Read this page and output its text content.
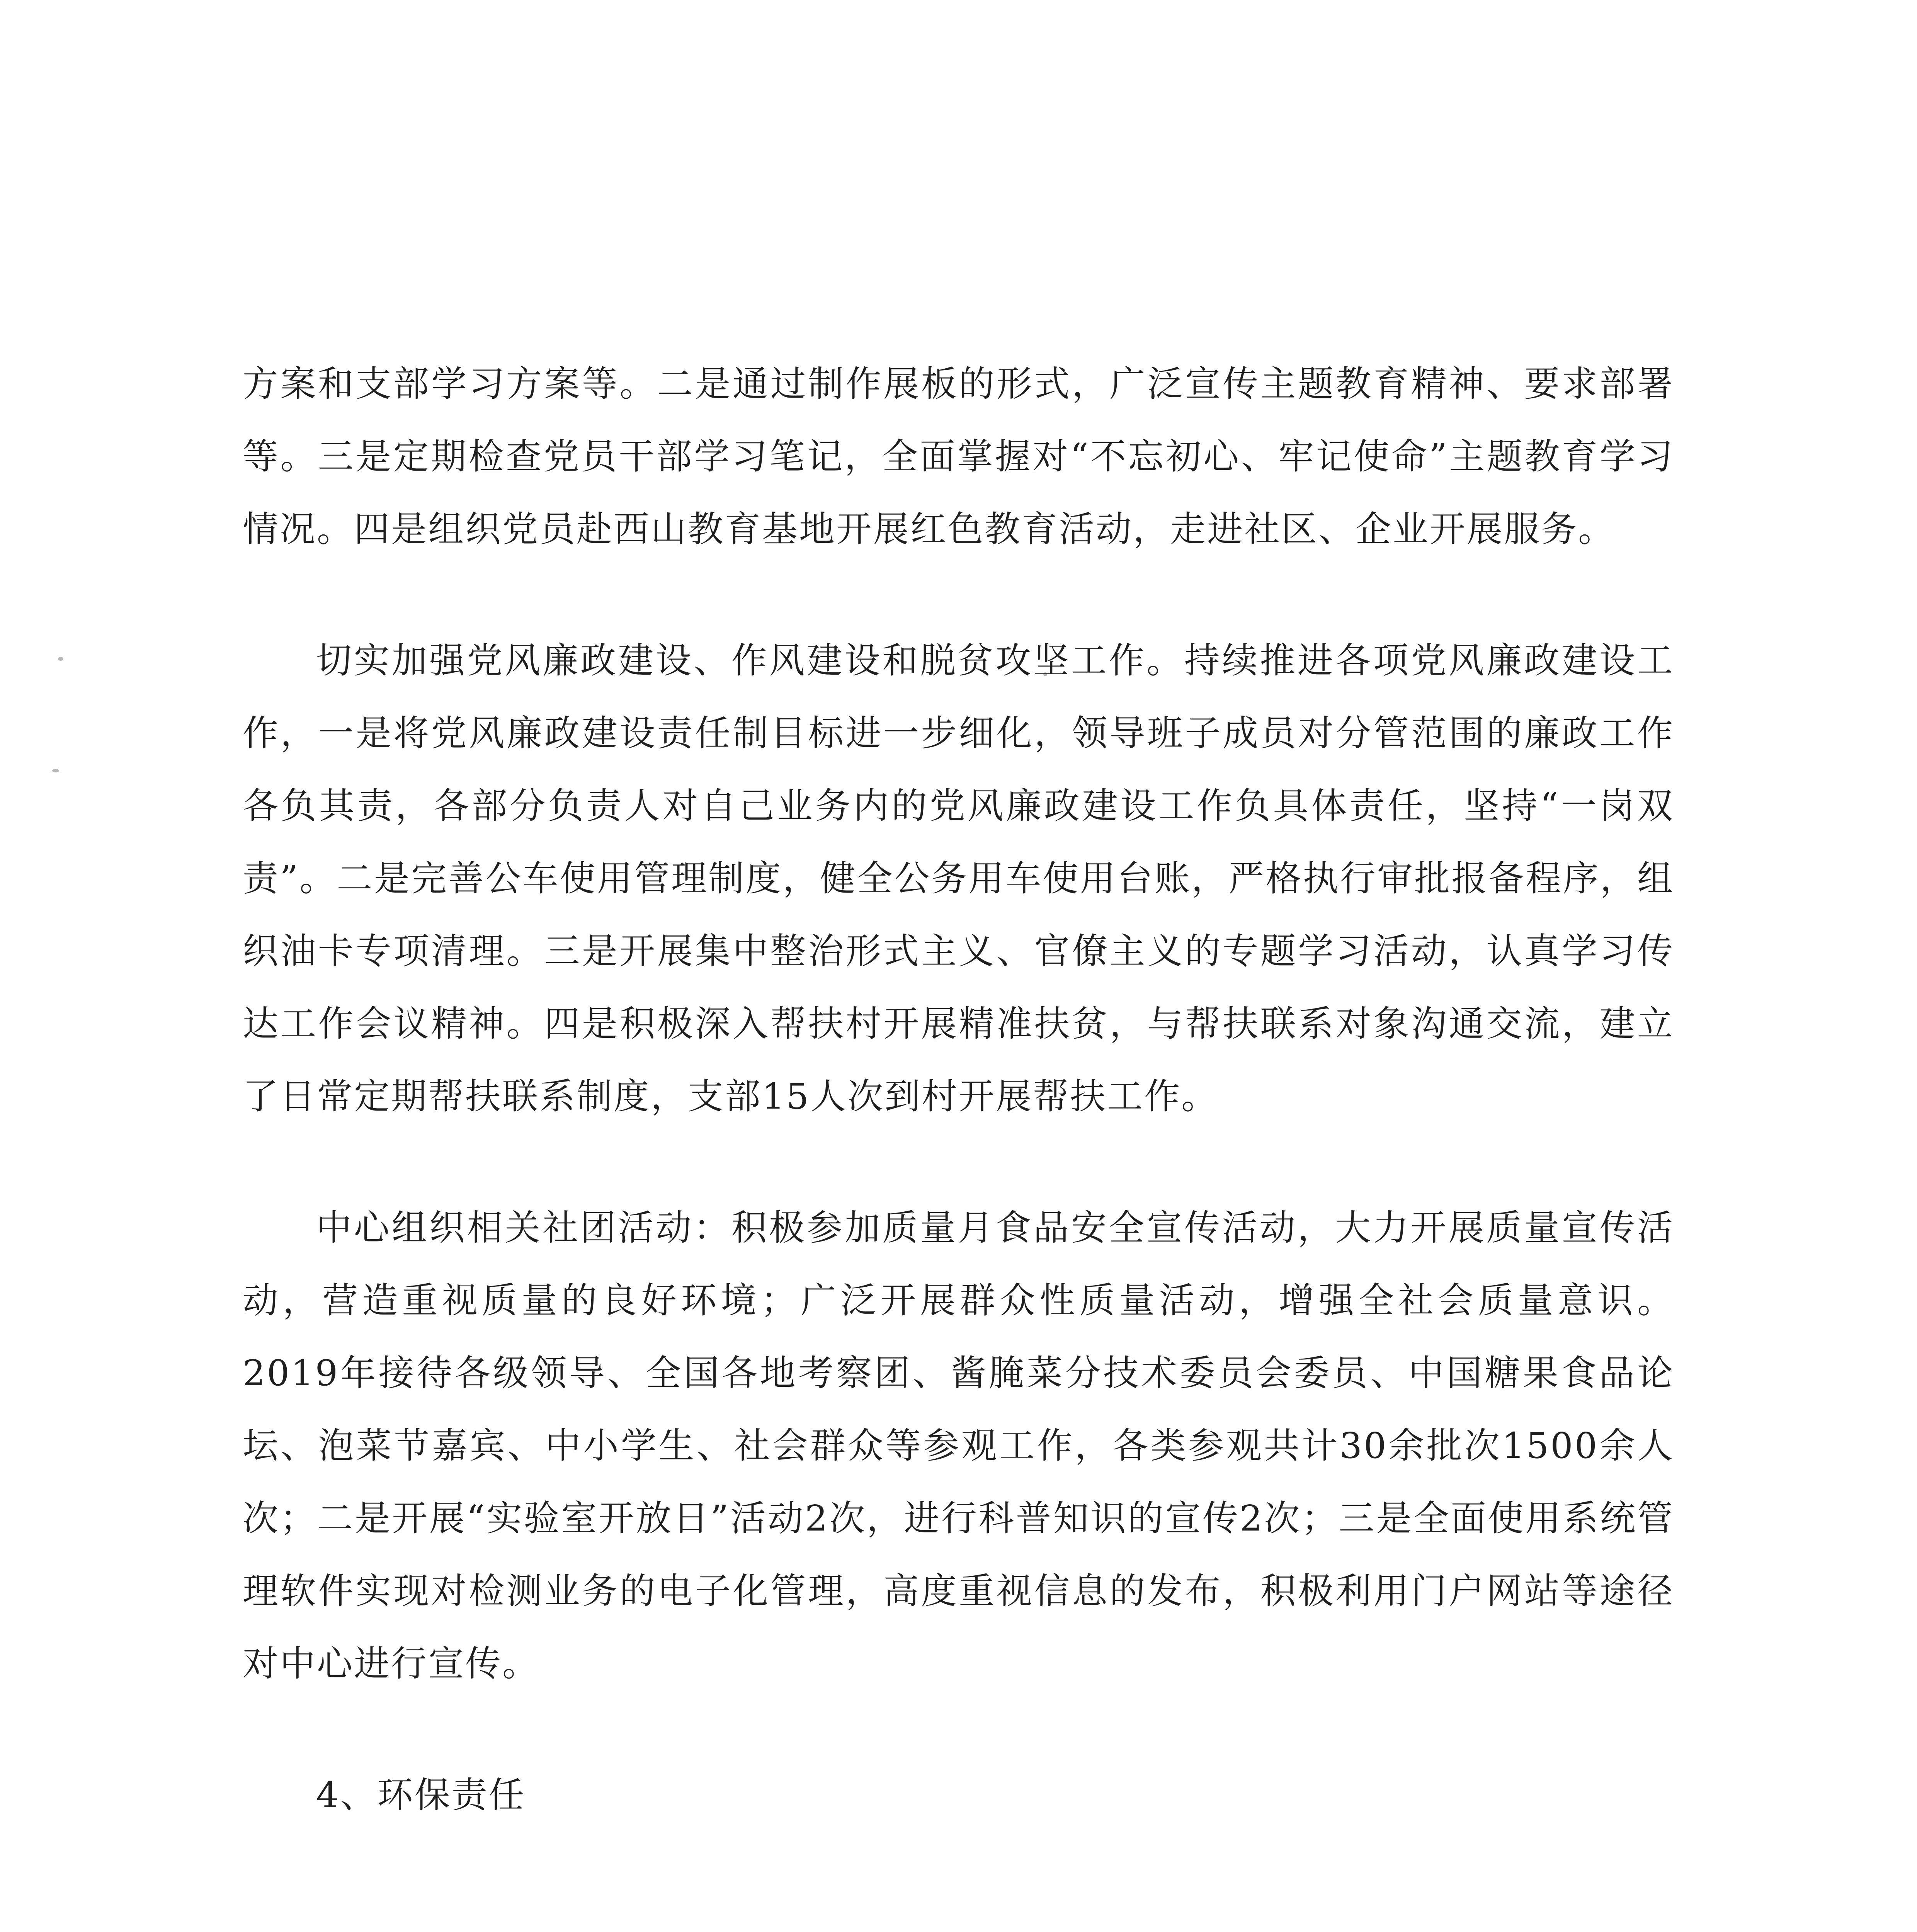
方案和支部学习方案等。二是通过制作展板的形式，广泛宣传主题教育精神、要求部署等。三是定期检查党员干部学习笔记，全面掌握对“不忘初心、牢记使命”主题教育学习情况。四是组织党员赴西山教育基地开展红色教育活动，走进社区、企业开展服务。

切实加强党风廉政建设、作风建设和脱贫攻坚工作。持续推进各项党风廉政建设工作，一是将党风廉政建设责任制目标进一步细化，领导班子成员对分管范围的廉政工作各负其责，各部分负责人对自己业务内的党风廉政建设工作负具体责任，坚持“一岗双责”。二是完善公车使用管理制度，健全公务用车使用台账，严格执行审批报备程序，组织油卡专项清理。三是开展集中整治形式主义、官僚主义的专题学习活动，认真学习传达工作会议精神。四是积极深入帮扶村开展精准扶贫，与帮扶联系对象沟通交流，建立了日常定期帮扶联系制度，支部15人次到村开展帮扶工作。

中心组织相关社团活动：积极参加质量月食品安全宣传活动，大力开展质量宣传活动，营造重视质量的良好环境；广泛开展群众性质量活动，增强全社会质量意识。2019年接待各级领导、全国各地考察团、酱腌菜分技术委员会委员、中国糖果食品论坛、泡菜节嘉宾、中小学生、社会群众等参观工作，各类参观共计30余批次1500余人次；二是开展“实验室开放日”活动2次，进行科普知识的宣传2次；三是全面使用系统管理软件实现对检测业务的电子化管理，高度重视信息的发布，积极利用门户网站等途径对中心进行宣传。

4、环保责任
